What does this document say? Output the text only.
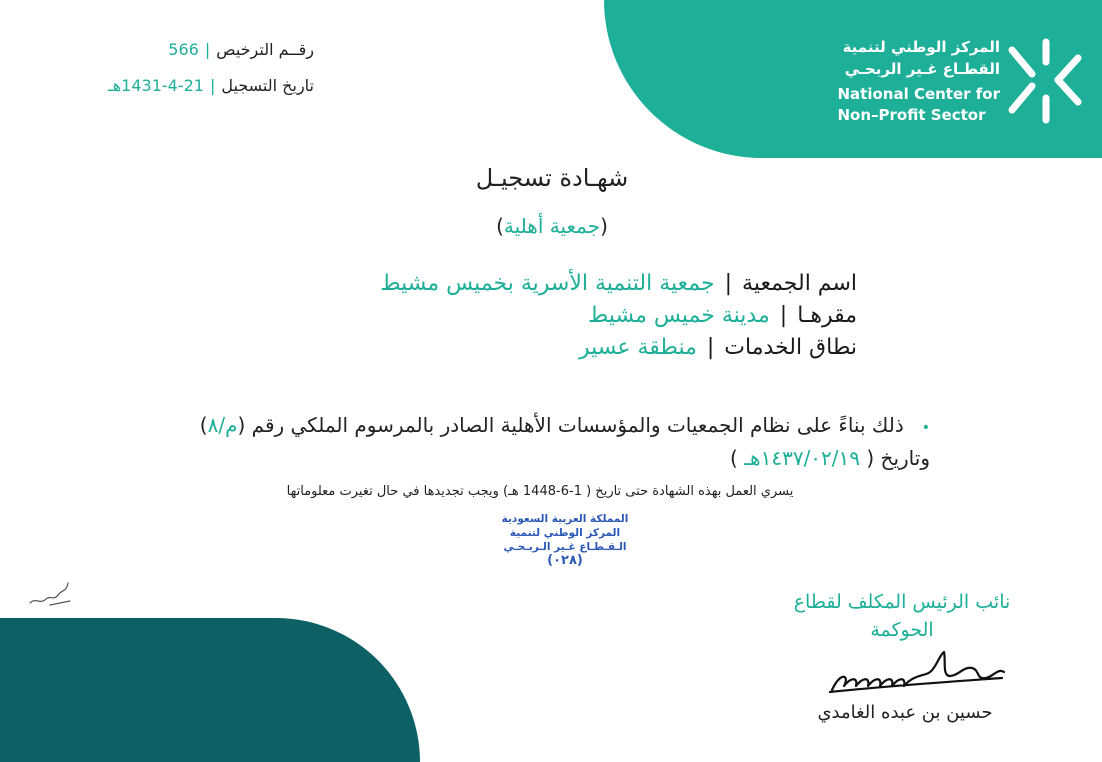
المركز الوطني لتنمية
القطـاع غـير الربحـي
National Center for
Non–Profit Sector
رقــم الترخيص|566
تاريخ التسجيل|21-4-1431هـ
شهـادة تسجيـل
(جمعية أهلية)
اسم الجمعية|جمعية التنمية الأسرية بخميس مشيط
مقرهـا|مدينة خميس مشيط
نطاق الخدمات|منطقة عسير
•ذلك بناءً على نظام الجمعيات والمؤسسات الأهلية الصادر بالمرسوم الملكي رقم (م/٨)
وتاريخ ( ١٤٣٧/٠٢/١٩هـ )
يسري العمل بهذه الشهادة حتى تاريخ ( 1-6-1448 هـ) ويجب تجديدها في حال تغيرت معلوماتها
المملكة العربية السعودية
المركز الوطني لتنمية
الـقـطـاع غـير الـربـحـي
(٠٢٨)
نائب الرئيس المكلف لقطاع
الحوكمة
حسين بن عبده الغامدي
